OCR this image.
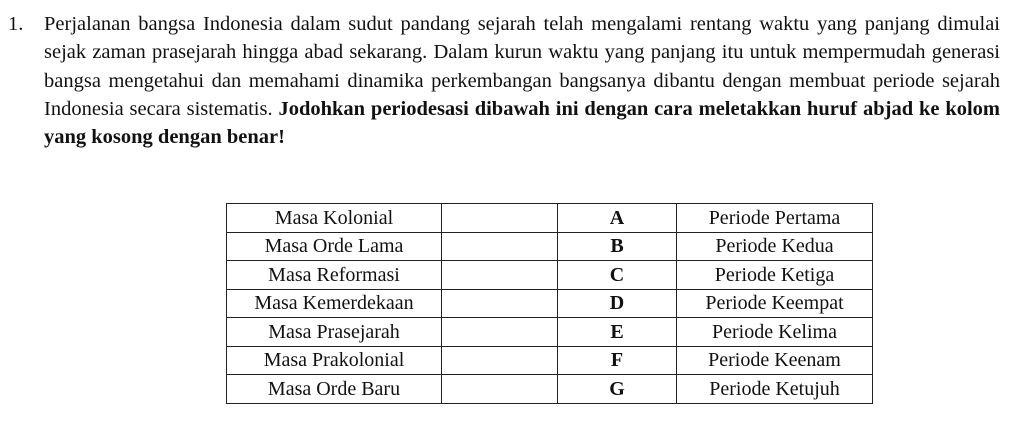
1. Perjalanan bangsa Indonesia dalam sudut pandang sejarah telah mengalami rentang waktu yang panjang dimulai sejak zaman prasejarah hingga abad sekarang. Dalam kurun waktu yang panjang itu untuk mempermudah generasi bangsa mengetahui dan memahami dinamika perkembangan bangsanya dibantu dengan membuat periode sejarah Indonesia secara sistematis. Jodohkan periodesasi dibawah ini dengan cara meletakkan huruf abjad ke kolom yang kosong dengan benar!
Masa Kolonial		A	Periode Pertama
Masa Orde Lama		B	Periode Kedua
Masa Reformasi		C	Periode Ketiga
Masa Kemerdekaan		D	Periode Keempat
Masa Prasejarah		E	Periode Kelima
Masa Prakolonial		F	Periode Keenam
Masa Orde Baru		G	Periode Ketujuh
